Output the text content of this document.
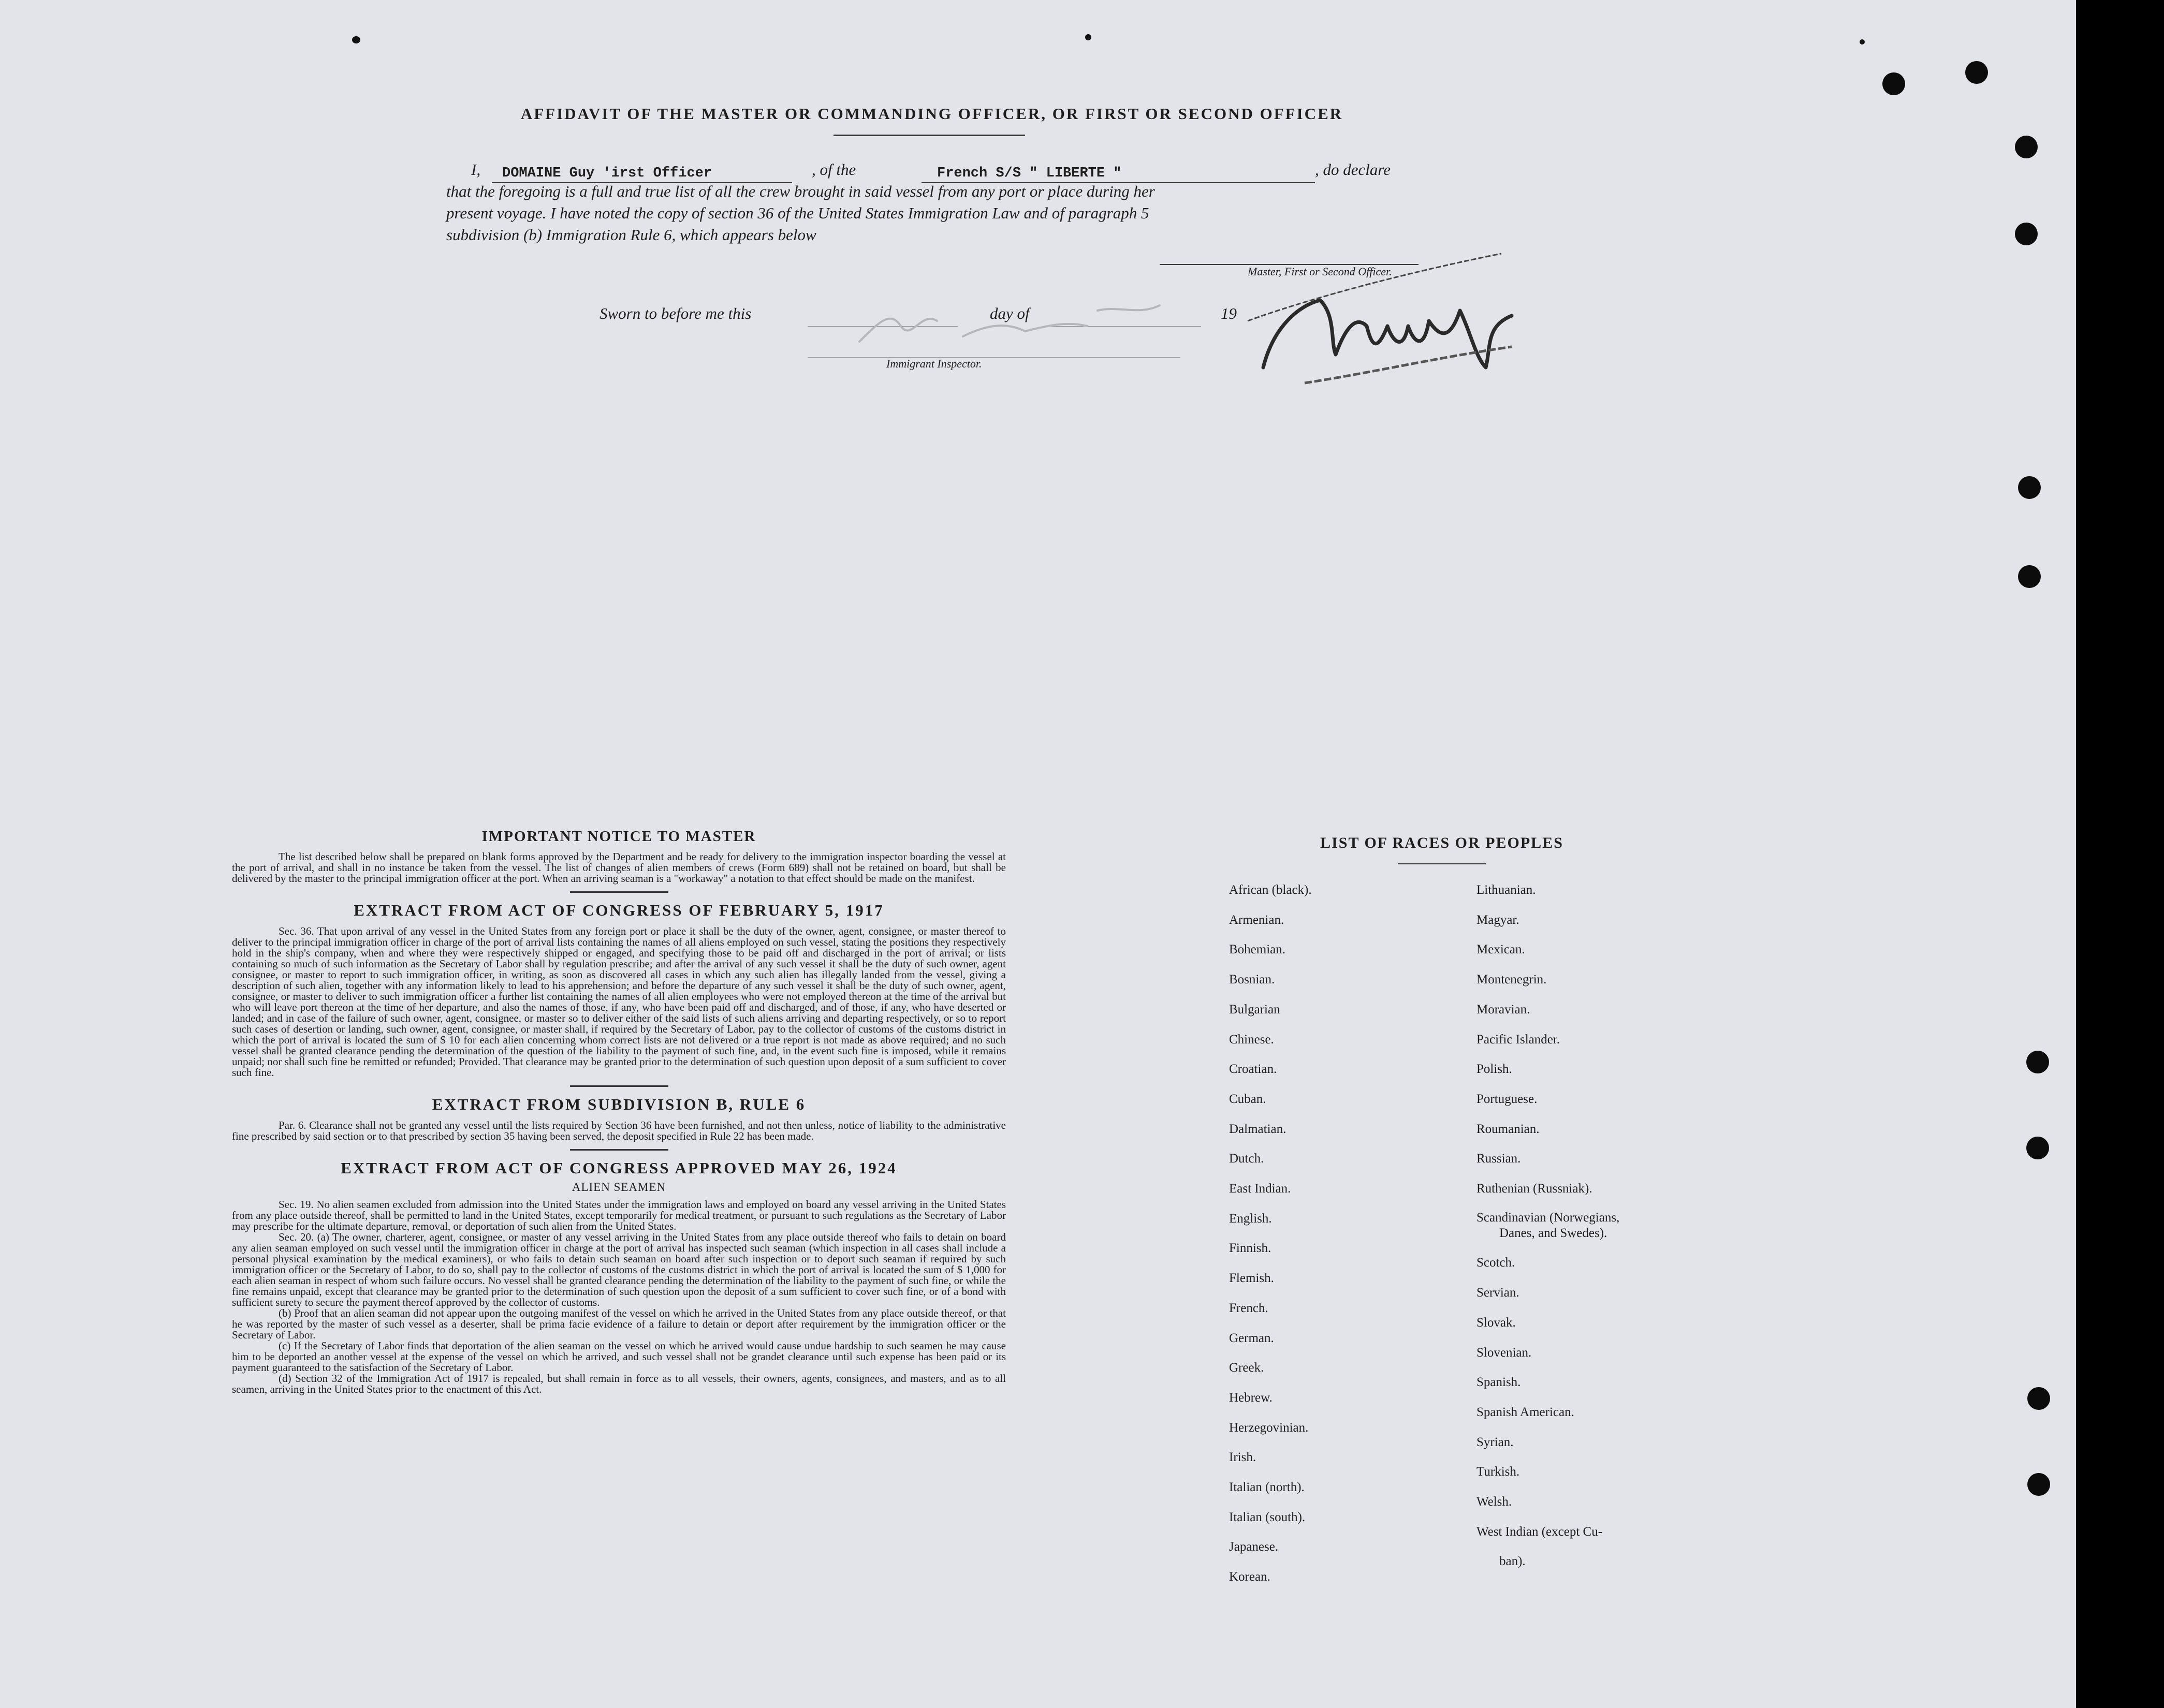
AFFIDAVIT OF THE MASTER OR COMMANDING OFFICER, OR FIRST OR SECOND OFFICER
I, DOMAINE Guy 'irst Officer	, of the	French S/S " LIBERTE "	, do declare
that the foregoing is a full and true list of all the crew brought in said vessel from any port or place during her
present voyage. I have noted the copy of section 36 of the United States Immigration Law and of paragraph 5
subdivision (b) Immigration Rule 6, which appears below
Master, First or Second Officer.
Sworn to before me this	day of	19
Immigrant Inspector.
IMPORTANT NOTICE TO MASTER
The list described below shall be prepared on blank forms approved by the Department and be ready for delivery to the immigration inspector boarding the vessel at the port of arrival, and shall in no instance be taken from the vessel. The list of changes of alien members of crews (Form 689) shall not be retained on board, but shall be delivered by the master to the principal immigration officer at the port. When an arriving seaman is a "workaway" a notation to that effect should be made on the manifest.
EXTRACT FROM ACT OF CONGRESS OF FEBRUARY 5, 1917
Sec. 36. That upon arrival of any vessel in the United States from any foreign port or place it shall be the duty of the owner, agent, consignee, or master thereof to deliver to the principal immigration officer in charge of the port of arrival lists containing the names of all aliens employed on such vessel, stating the positions they respectively hold in the ship's company, when and where they were respectively shipped or engaged, and specifying those to be paid off and discharged in the port of arrival; or lists containing so much of such information as the Secretary of Labor shall by regulation prescribe; and after the arrival of any such vessel it shall be the duty of such owner, agent consignee, or master to report to such immigration officer, in writing, as soon as discovered all cases in which any such alien has illegally landed from the vessel, giving a description of such alien, together with any information likely to lead to his apprehension; and before the departure of any such vessel it shall be the duty of such owner, agent, consignee, or master to deliver to such immigration officer a further list containing the names of all alien employees who were not employed thereon at the time of the arrival but who will leave port thereon at the time of her departure, and also the names of those, if any, who have been paid off and discharged, and of those, if any, who have deserted or landed; and in case of the failure of such owner, agent, consignee, or master so to deliver either of the said lists of such aliens arriving and departing respectively, or so to report such cases of desertion or landing, such owner, agent, consignee, or master shall, if required by the Secretary of Labor, pay to the collector of customs of the customs district in which the port of arrival is located the sum of $ 10 for each alien concerning whom correct lists are not delivered or a true report is not made as above required; and no such vessel shall be granted clearance pending the determination of the question of the liability to the payment of such fine, and, in the event such fine is imposed, while it remains unpaid; nor shall such fine be remitted or refunded; Provided. That clearance may be granted prior to the determination of such question upon deposit of a sum sufficient to cover such fine.
EXTRACT FROM SUBDIVISION B, RULE 6
Par. 6. Clearance shall not be granted any vessel until the lists required by Section 36 have been furnished, and not then unless, notice of liability to the administrative fine prescribed by said section or to that prescribed by section 35 having been served, the deposit specified in Rule 22 has been made.
EXTRACT FROM ACT OF CONGRESS APPROVED MAY 26, 1924
ALIEN SEAMEN
Sec. 19. No alien seamen excluded from admission into the United States under the immigration laws and employed on board any vessel arriving in the United States from any place outside thereof, shall be permitted to land in the United States, except temporarily for medical treatment, or pursuant to such regulations as the Secretary of Labor may prescribe for the ultimate departure, removal, or deportation of such alien from the United States.
Sec. 20. (a) The owner, charterer, agent, consignee, or master of any vessel arriving in the United States from any place outside thereof who fails to detain on board any alien seaman employed on such vessel until the immigration officer in charge at the port of arrival has inspected such seaman (which inspection in all cases shall include a personal physical examination by the medical examiners), or who fails to detain such seaman on board after such inspection or to deport such seaman if required by such immigration officer or the Secretary of Labor, to do so, shall pay to the collector of customs of the customs district in which the port of arrival is located the sum of $ 1,000 for each alien seaman in respect of whom such failure occurs. No vessel shall be granted clearance pending the determination of the liability to the payment of such fine, or while the fine remains unpaid, except that clearance may be granted prior to the determination of such question upon the deposit of a sum sufficient to cover such fine, or of a bond with sufficient surety to secure the payment thereof approved by the collector of customs.
(b) Proof that an alien seaman did not appear upon the outgoing manifest of the vessel on which he arrived in the United States from any place outside thereof, or that he was reported by the master of such vessel as a deserter, shall be prima facie evidence of a failure to detain or deport after requirement by the immigration officer or the Secretary of Labor.
(c) If the Secretary of Labor finds that deportation of the alien seaman on the vessel on which he arrived would cause undue hardship to such seamen he may cause him to be deported an another vessel at the expense of the vessel on which he arrived, and such vessel shall not be grandet clearance until such expense has been paid or its payment guaranteed to the satisfaction of the Secretary of Labor.
(d) Section 32 of the Immigration Act of 1917 is repealed, but shall remain in force as to all vessels, their owners, agents, consignees, and masters, and as to all seamen, arriving in the United States prior to the enactment of this Act.
LIST OF RACES OR PEOPLES
African (black).
Armenian.
Bohemian.
Bosnian.
Bulgarian
Chinese.
Croatian.
Cuban.
Dalmatian.
Dutch.
East Indian.
English.
Finnish.
Flemish.
French.
German.
Greek.
Hebrew.
Herzegovinian.
Irish.
Italian (north).
Italian (south).
Japanese.
Korean.
Lithuanian.
Magyar.
Mexican.
Montenegrin.
Moravian.
Pacific Islander.
Polish.
Portuguese.
Roumanian.
Russian.
Ruthenian (Russniak).
Scandinavian (Norwegians,
Danes, and Swedes).
Scotch.
Servian.
Slovak.
Slovenian.
Spanish.
Spanish American.
Syrian.
Turkish.
Welsh.
West Indian (except Cu-
ban).
